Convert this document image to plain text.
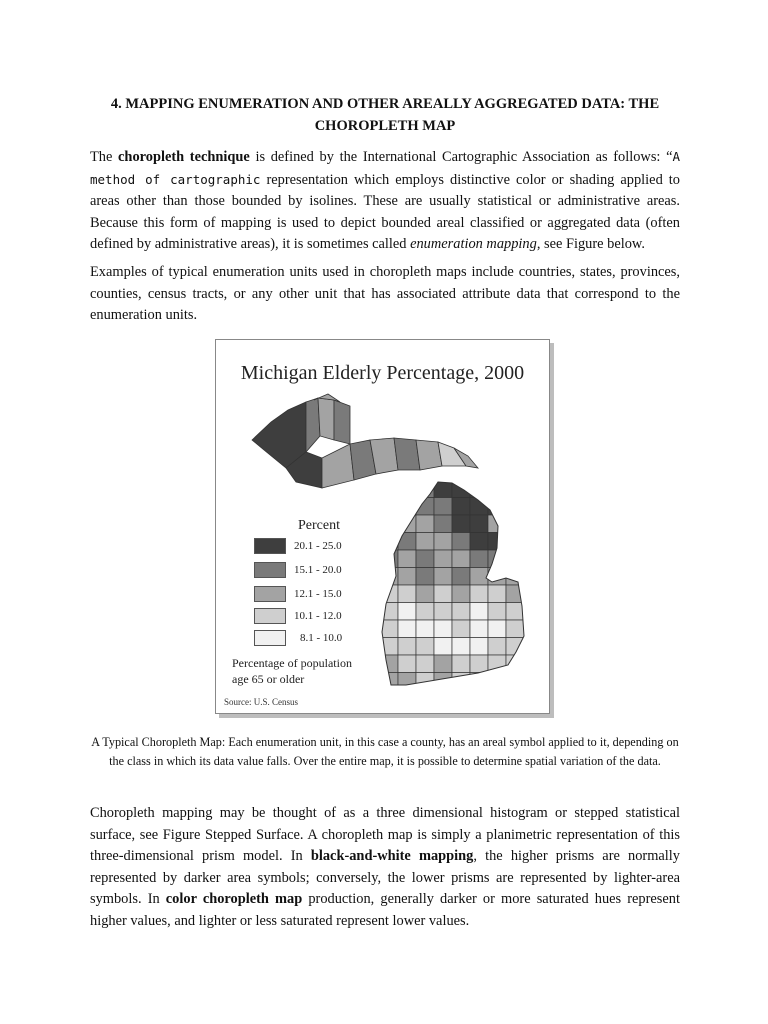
4. MAPPING ENUMERATION AND OTHER AREALLY AGGREGATED DATA: THE
CHOROPLETH MAP

The choropleth technique is defined by the International Cartographic Association as follows: “A method of cartographic representation which employs distinctive color or shading applied to areas other than those bounded by isolines. These are usually statistical or administrative areas. Because this form of mapping is used to depict bounded areal classified or aggregated data (often defined by administrative areas), it is sometimes called enumeration mapping, see Figure below.

Examples of typical enumeration units used in choropleth maps include countries, states, provinces, counties, census tracts, or any other unit that has associated attribute data that correspond to the enumeration units.

Michigan Elderly Percentage, 2000
Percent
20.1 - 25.0
15.1 - 20.0
12.1 - 15.0
10.1 - 12.0
8.1 - 10.0
Percentage of population
age 65 or older
Source: U.S. Census
A Typical Choropleth Map: Each enumeration unit, in this case a county, has an areal symbol applied to it, depending on the class in which its data value falls. Over the entire map, it is possible to determine spatial variation of the data.

Choropleth mapping may be thought of as a three dimensional histogram or stepped statistical surface, see Figure Stepped Surface. A choropleth map is simply a planimetric representation of this three-dimensional prism model. In black-and-white mapping, the higher prisms are normally represented by darker area symbols; conversely, the lower prisms are represented by lighter-area symbols. In color choropleth map production, generally darker or more saturated hues represent higher values, and lighter or less saturated represent lower values.
